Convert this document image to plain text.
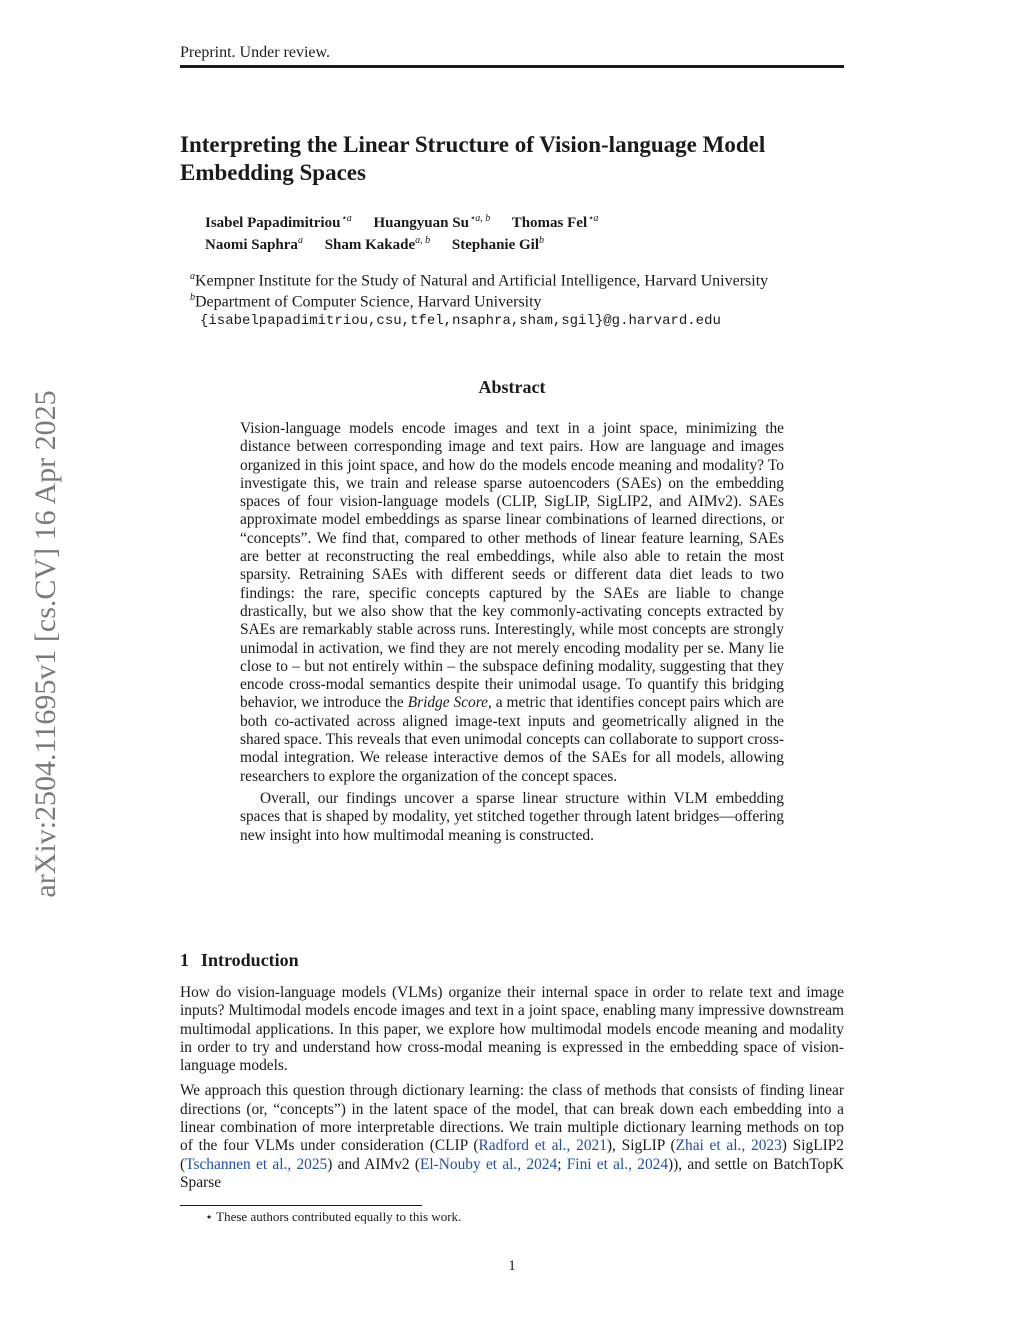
Preprint. Under review.
Interpreting the Linear Structure of Vision-language Model Embedding Spaces
Isabel Papadimitriou$^{⋆a}$ Huangyuan $Su^{⋆a, b}$ Thomas Fel$^{⋆a}$
Naomi Saphra$^a$ Sham Kakade$^{a, b}$ Stephanie Gil$^b$
$^a$Kempner Institute for the Study of Natural and Artificial Intelligence, Harvard University
$^b$Department of Computer Science, Harvard University
{isabelpapadimitriou,csu,tfel,nsaphra,sham,sgil}@g.harvard.edu
Abstract

Vision-language models encode images and text in a joint space, minimizing the distance between corresponding image and text pairs. How are language and images organized in this joint space, and how do the models encode meaning and modality? To investigate this, we train and release sparse autoencoders (SAEs) on the embedding spaces of four vision-language models (CLIP, SigLIP, SigLIP2, and AIMv2). SAEs approximate model embeddings as sparse linear combinations of learned directions, or “concepts”. We find that, compared to other methods of linear feature learning, SAEs are better at reconstructing the real embeddings, while also able to retain the most sparsity. Retraining SAEs with different seeds or different data diet leads to two findings: the rare, specific concepts captured by the SAEs are liable to change drastically, but we also show that the key commonly-activating concepts extracted by SAEs are remarkably stable across runs. Interestingly, while most concepts are strongly unimodal in activation, we find they are not merely encoding modality per se. Many lie close to – but not entirely within – the subspace defining modality, suggesting that they encode cross-modal semantics despite their unimodal usage. To quantify this bridging behavior, we introduce the Bridge Score, a metric that identifies concept pairs which are both co-activated across aligned image-text inputs and geometrically aligned in the shared space. This reveals that even unimodal concepts can collaborate to support cross-modal integration. We release interactive demos of the SAEs for all models, allowing researchers to explore the organization of the concept spaces.

Overall, our findings uncover a sparse linear structure within VLM embedding spaces that is shaped by modality, yet stitched together through latent bridges—offering new insight into how multimodal meaning is constructed.

1 Introduction

How do vision-language models (VLMs) organize their internal space in order to relate text and image inputs? Multimodal models encode images and text in a joint space, enabling many impressive downstream multimodal applications. In this paper, we explore how multimodal models encode meaning and modality in order to try and understand how cross-modal meaning is expressed in the embedding space of vision-language models.

We approach this question through dictionary learning: the class of methods that consists of finding linear directions (or, “concepts”) in the latent space of the model, that can break down each embedding into a linear combination of more interpretable directions. We train multiple dictionary learning methods on top of the four VLMs under consideration (CLIP (Radford et al., 2021), SigLIP (Zhai et al., 2023) SigLIP2 (Tschannen et al., 2025) and AIMv2 (El-Nouby et al., 2024; Fini et al., 2024)), and settle on BatchTopK Sparse

⋆ These authors contributed equally to this work.
1
arXiv:2504.11695v1 [cs.CV] 16 Apr 2025
